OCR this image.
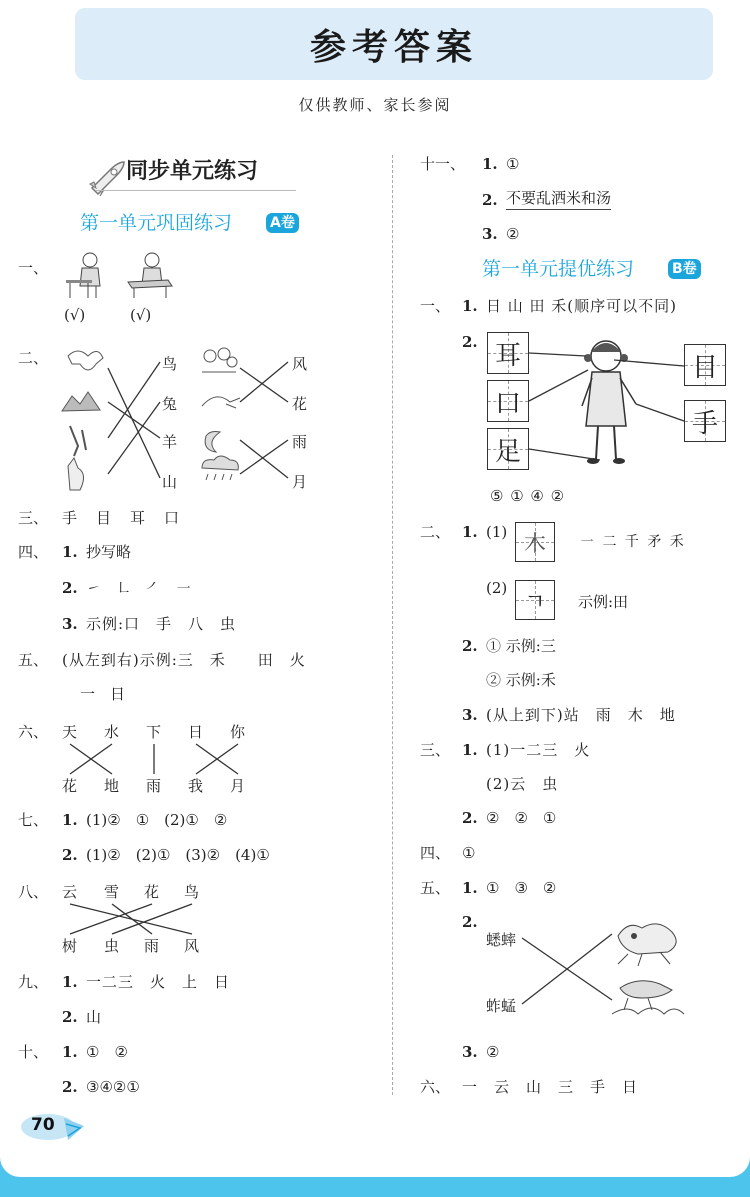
参考答案
仅供教师、家长参阅
同步单元练习
第一单元巩固练习	A卷
一、
(√)	(√)
二、	鸟
兔
羊
山
风
花
雨
月
三、 手　目　耳　口
四、 1. 抄写略
2. ㇀　㇗　㇒　㇐
3. 示例:口　手　八　虫
五、 (从左到右)示例:三　禾　　田　火
一　日
六、 天 水 下 日 你
花 地 雨 我 月
七、 1. (1)②　①　(2)①　②
2. (1)②　(2)①　(3)②　(4)①
八、 云 雪 花 鸟
树 虫 雨 风
九、 1. 一二三　火　上　日
2. 山
十、 1. ①　②
2. ③④②①
十一、 1. ①
2. 不要乱洒米和汤
3. ②
第一单元提优练习	B卷
一、 1. 日 山 田 禾(顺序可以不同)
2. 耳
口
足
目
手
⑤ ① ④ ②
二、 1. (1) 木	㇐ 二 千 矛 禾
(2)
ㄱ	示例:田
2. ① 示例:三
② 示例:禾
3. (从上到下)站　雨　木　地
三、 1. (1)一二三　火
(2)云　虫
2. ②　②　①
四、 ①
五、 1. ①　③　②
2.
蟋蟀
蚱蜢
3. ②
六、 一　云　山　三　手　日
70
